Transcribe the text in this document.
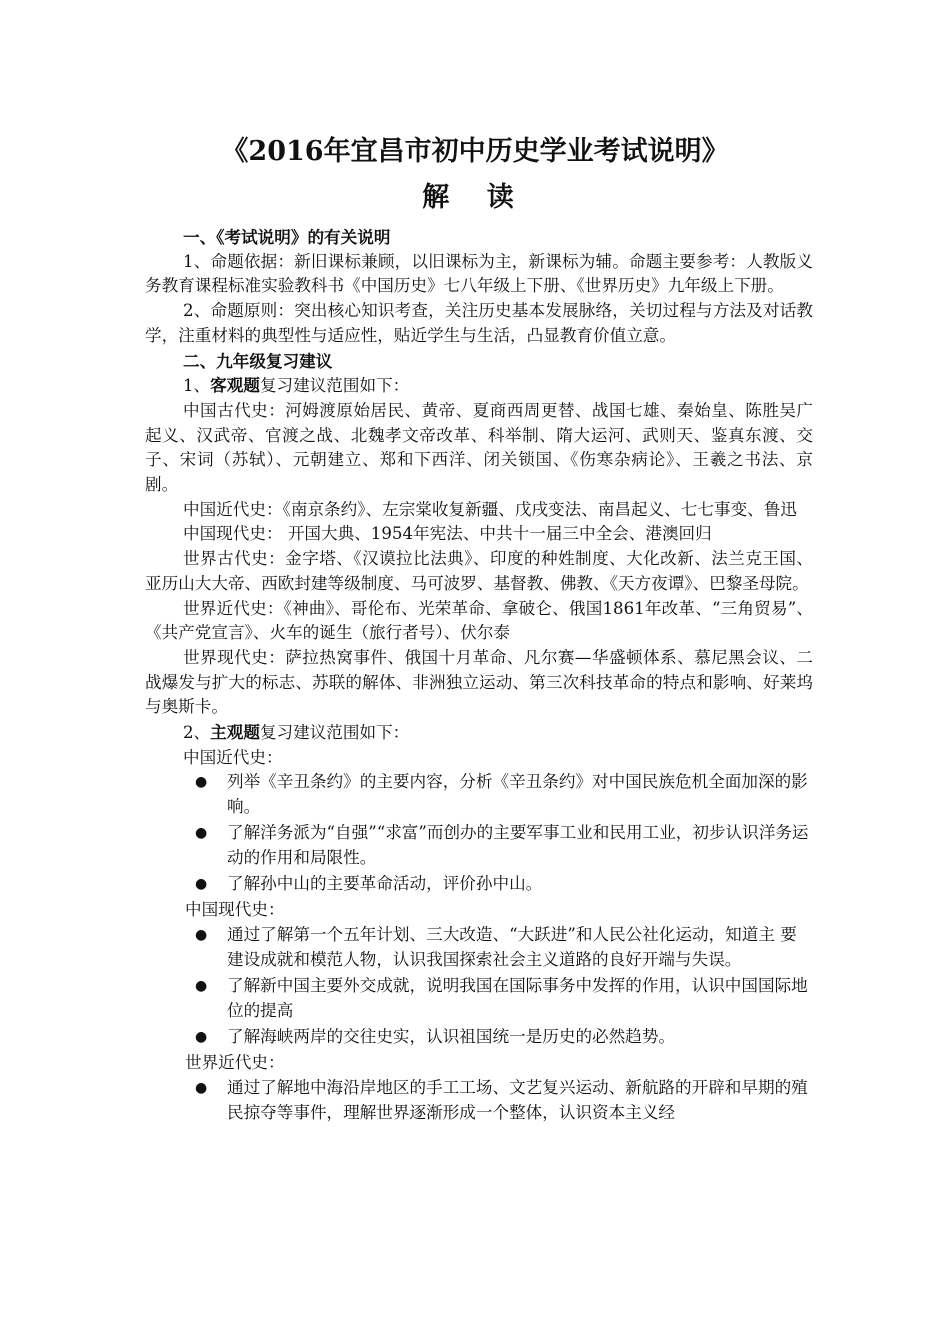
《2016年宜昌市初中历史学业考试说明》
解 读

一、《考试说明》的有关说明

1、命题依据：新旧课标兼顾，以旧课标为主，新课标为辅。命题主要参考：人教版义务教育课程标准实验教科书《中国历史》七八年级上下册、《世界历史》九年级上下册。

2、命题原则：突出核心知识考查，关注历史基本发展脉络，关切过程与方法及对话教学，注重材料的典型性与适应性，贴近学生与生活，凸显教育价值立意。

二、九年级复习建议

1、客观题复习建议范围如下：

中国古代史：河姆渡原始居民、黄帝、夏商西周更替、战国七雄、秦始皇、陈胜吴广起义、汉武帝、官渡之战、北魏孝文帝改革、科举制、隋大运河、武则天、鉴真东渡、交子、宋词（苏轼）、元朝建立、郑和下西洋、闭关锁国、《伤寒杂病论》、王羲之书法、京剧。

中国近代史：《南京条约》、左宗棠收复新疆、戊戌变法、南昌起义、七七事变、鲁迅

中国现代史： 开国大典、1954年宪法、中共十一届三中全会、港澳回归

世界古代史：金字塔、《汉谟拉比法典》、印度的种姓制度、大化改新、法兰克王国、亚历山大大帝、西欧封建等级制度、马可波罗、基督教、佛教、《天方夜谭》、巴黎圣母院。

世界近代史：《神曲》、哥伦布、光荣革命、拿破仑、俄国1861年改革、“三角贸易”、《共产党宣言》、火车的诞生（旅行者号）、伏尔泰

世界现代史：萨拉热窝事件、俄国十月革命、凡尔赛—华盛顿体系、慕尼黑会议、二战爆发与扩大的标志、苏联的解体、非洲独立运动、第三次科技革命的特点和影响、好莱坞与奥斯卡。

2、主观题复习建议范围如下：

中国近代史：

● 列举《辛丑条约》的主要内容，分析《辛丑条约》对中国民族危机全面加深的影响。
● 了解洋务派为“自强”“求富”而创办的主要军事工业和民用工业，初步认识洋务运动的作用和局限性。
● 了解孙中山的主要革命活动，评价孙中山。

中国现代史：

● 通过了解第一个五年计划、三大改造、“大跃进”和人民公社化运动，知道主 要建设成就和模范人物，认识我国探索社会主义道路的良好开端与失误。
● 了解新中国主要外交成就，说明我国在国际事务中发挥的作用，认识中国国际地位的提高
● 了解海峡两岸的交往史实，认识祖国统一是历史的必然趋势。

世界近代史：

● 通过了解地中海沿岸地区的手工工场、文艺复兴运动、新航路的开辟和早期的殖民掠夺等事件，理解世界逐渐形成一个整体，认识资本主义经
